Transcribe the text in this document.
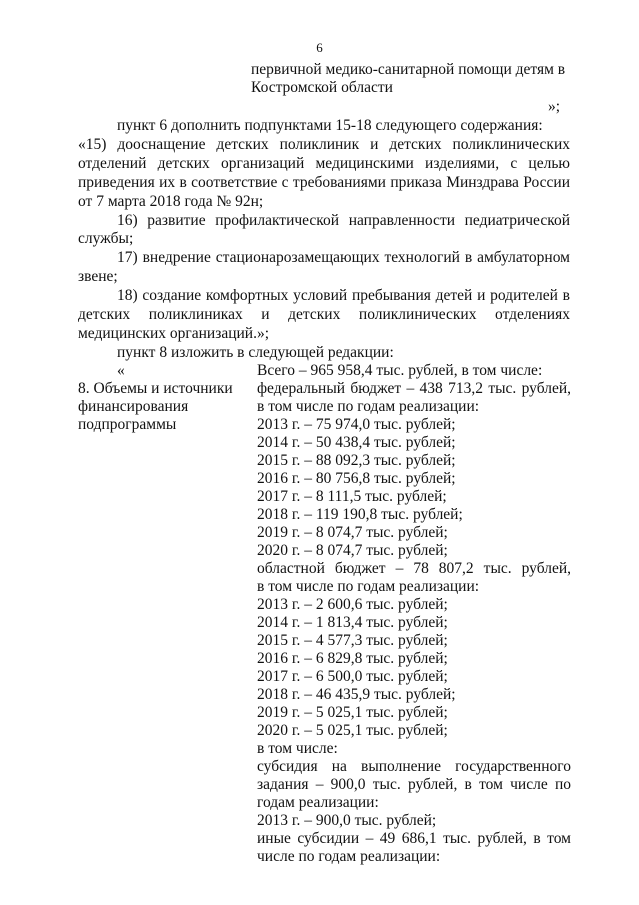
6
первичной медико-санитарной помощи детям в
Костромской области
»;
пункт 6 дополнить подпунктами 15-18 следующего содержания:
«15) дооснащение детских поликлиник и детских поликлинических
отделений детских организаций медицинскими изделиями, с целью
приведения их в соответствие с требованиями приказа Минздрава России
от 7 марта 2018 года № 92н;
16) развитие профилактической направленности педиатрической
службы;
17) внедрение стационарозамещающих технологий в амбулаторном
звене;
18) создание комфортных условий пребывания детей и родителей в
детских поликлиниках и детских поликлинических отделениях
медицинских организаций.»;
пункт 8 изложить в следующей редакции:
«
8. Объемы и источники
финансирования
подпрограммы
Всего – 965 958,4 тыс. рублей, в том числе:
федеральный бюджет – 438 713,2 тыс. рублей,
в том числе по годам реализации:
2013 г. – 75 974,0 тыс. рублей;
2014 г. – 50 438,4 тыс. рублей;
2015 г. – 88 092,3 тыс. рублей;
2016 г. – 80 756,8 тыс. рублей;
2017 г. – 8 111,5 тыс. рублей;
2018 г. – 119 190,8 тыс. рублей;
2019 г. – 8 074,7 тыс. рублей;
2020 г. – 8 074,7 тыс. рублей;
областной бюджет – 78 807,2 тыс. рублей,
в том числе по годам реализации:
2013 г. – 2 600,6 тыс. рублей;
2014 г. – 1 813,4 тыс. рублей;
2015 г. – 4 577,3 тыс. рублей;
2016 г. – 6 829,8 тыс. рублей;
2017 г. – 6 500,0 тыс. рублей;
2018 г. – 46 435,9 тыс. рублей;
2019 г. – 5 025,1 тыс. рублей;
2020 г. – 5 025,1 тыс. рублей;
в том числе:
субсидия на выполнение государственного
задания – 900,0 тыс. рублей, в том числе по
годам реализации:
2013 г. – 900,0 тыс. рублей;
иные субсидии – 49 686,1 тыс. рублей, в том
числе по годам реализации:
